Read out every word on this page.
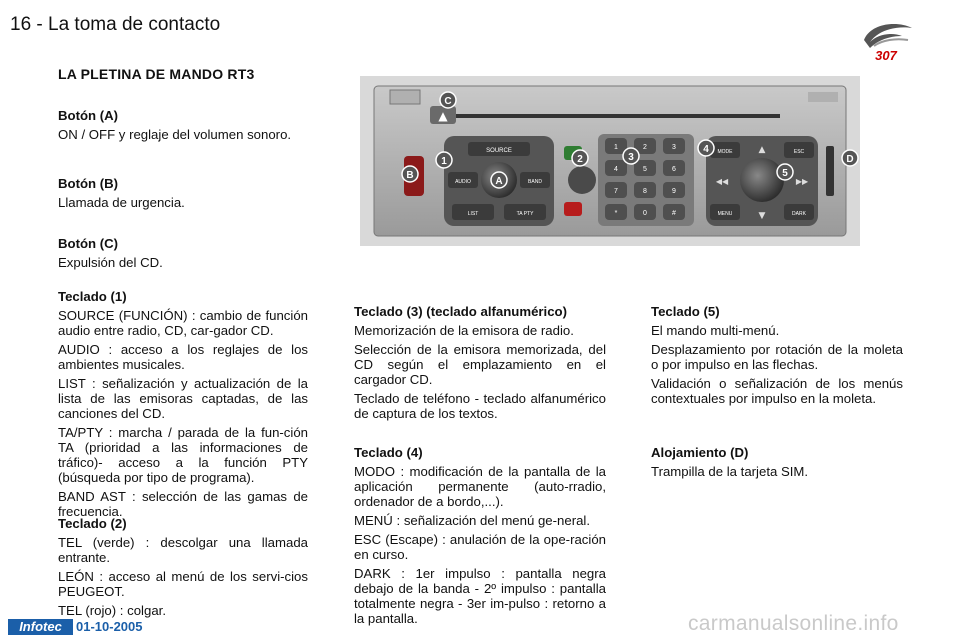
16 - La toma de contacto
307
LA PLETINA DE MANDO RT3
▲
SOURCE
AUDIO	BAND
LIST	TA PTY
1	2	3
4	5	6
7	8	9
*	0	#
MODE	ESC
MENU	DARK
▲
▼
◀◀	▶▶
C
1
B
A
2	3
4
5
D
Botón (A)

ON / OFF y reglaje del volumen sonoro.

Botón (B)

Llamada de urgencia.

Botón (C)

Expulsión del CD.

Teclado (1)

SOURCE (FUNCIÓN) : cambio de función audio entre radio, CD, car-gador CD.

AUDIO : acceso a los reglajes de los ambientes musicales.

LIST : señalización y actualización de la lista de las emisoras captadas, de las canciones del CD.

TA/PTY : marcha / parada de la fun-ción TA (prioridad a las informaciones de tráfico)- acceso a la función PTY (búsqueda por tipo de programa).

BAND AST : selección de las gamas de frecuencia.

Teclado (2)

TEL (verde) : descolgar una llamada entrante.

LEÓN : acceso al menú de los servi-cios PEUGEOT.

TEL (rojo) : colgar.

Teclado (3) (teclado alfanumérico)

Memorización de la emisora de radio.

Selección de la emisora memorizada, del CD según el emplazamiento en el cargador CD.

Teclado de teléfono - teclado alfanumérico de captura de los textos.

Teclado (4)

MODO : modificación de la pantalla de la aplicación permanente (auto-rradio, ordenador de a bordo,...).

MENÚ : señalización del menú ge-neral.

ESC (Escape) : anulación de la ope-ración en curso.

DARK : 1er impulso : pantalla negra debajo de la banda - 2º impulso : pantalla totalmente negra - 3er im-pulso : retorno a la pantalla.

Teclado (5)

El mando multi-menú.

Desplazamiento por rotación de la moleta o por impulso en las flechas.

Validación o señalización de los menús contextuales por impulso en la moleta.

Alojamiento (D)

Trampilla de la tarjeta SIM.

Infotec	01-10-2005	carmanualsonline.info
